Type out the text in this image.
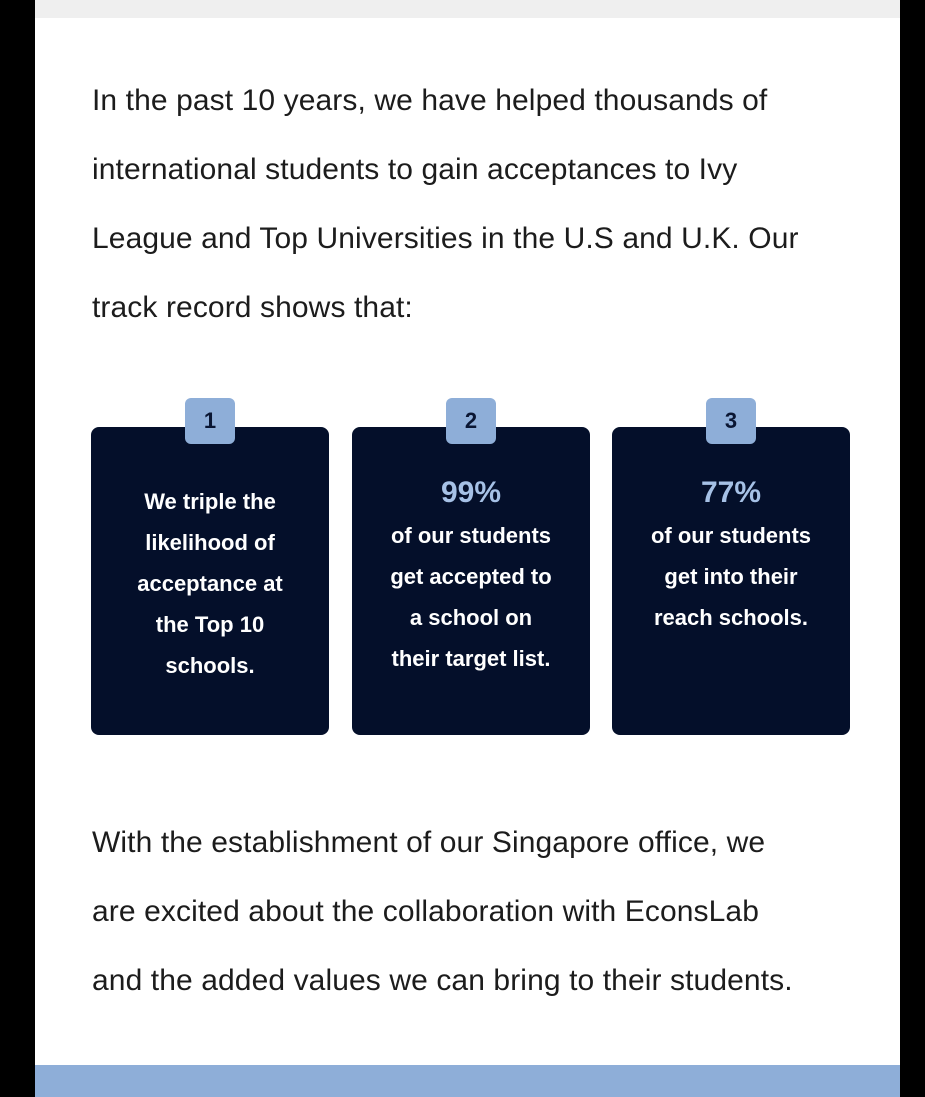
In the past 10 years, we have helped thousands of
international students to gain acceptances to Ivy
League and Top Universities in the U.S and U.K. Our
track record shows that:

1
We triple the
likelihood of
acceptance at
the Top 10
schools.
2
99%
of our students
get accepted to
a school on
their target list.
3
77%
of our students
get into their
reach schools.

With the establishment of our Singapore office, we
are excited about the collaboration with EconsLab
and the added values we can bring to their students.
